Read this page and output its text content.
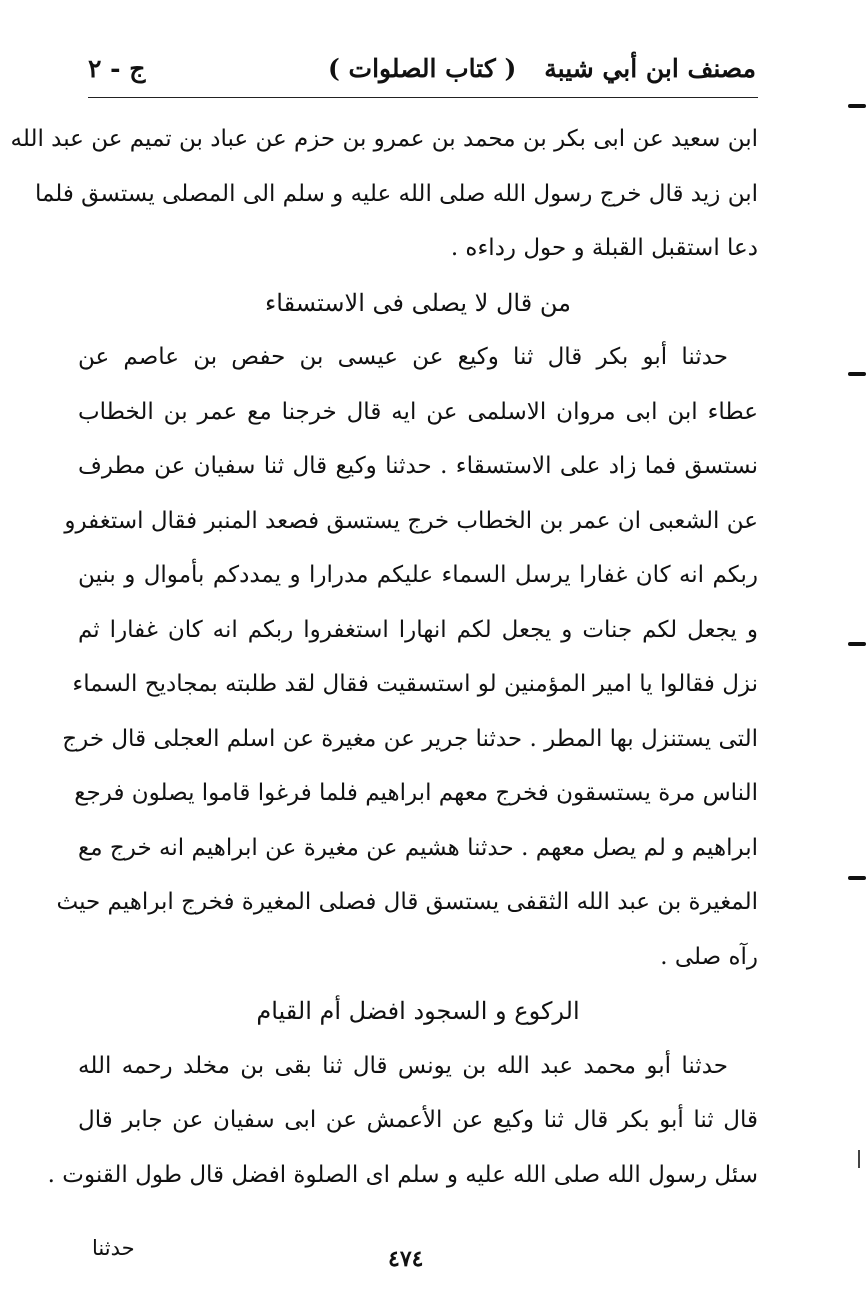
مصنف ابن أبي شيبة
( كتاب الصلوات )
ج - ٢
ابن سعيد عن ابى بكر بن محمد بن عمرو بن حزم عن عباد بن تميم عن عبد الله
ابن زيد قال خرج رسول الله صلى الله عليه و سلم الى المصلى يستسق فلما
دعا استقبل القبلة و حول رداءه .
من قال لا يصلى فى الاستسقاء
حدثنا أبو بكر قال ثنا وكيع عن عيسى بن حفص بن عاصم عن
عطاء ابن ابى مروان الاسلمى عن ايه قال خرجنا مع عمر بن الخطاب
نستسق فما زاد على الاستسقاء . حدثنا وكيع قال ثنا سفيان عن مطرف
عن الشعبى ان عمر بن الخطاب خرج يستسق فصعد المنبر فقال استغفرو
ربكم انه كان غفارا يرسل السماء عليكم مدرارا و يمددكم بأموال و بنين
و يجعل لكم جنات و يجعل لكم انهارا استغفروا ربكم انه كان غفارا ثم
نزل فقالوا يا امير المؤمنين لو استسقيت فقال لقد طلبته بمجاديح السماء
التى يستنزل بها المطر . حدثنا جرير عن مغيرة عن اسلم العجلى قال خرج
الناس مرة يستسقون فخرج معهم ابراهيم فلما فرغوا قاموا يصلون فرجع
ابراهيم و لم يصل معهم . حدثنا هشيم عن مغيرة عن ابراهيم انه خرج مع
المغيرة بن عبد الله الثقفى يستسق قال فصلى المغيرة فخرج ابراهيم حيث
رآه صلى .
الركوع و السجود افضل أم القيام
حدثنا أبو محمد عبد الله بن يونس قال ثنا بقى بن مخلد رحمه الله
قال ثنا أبو بكر قال ثنا وكيع عن الأعمش عن ابى سفيان عن جابر قال
سئل رسول الله صلى الله عليه و سلم اى الصلوة افضل قال طول القنوت .
حدثنا	٤٧٤
